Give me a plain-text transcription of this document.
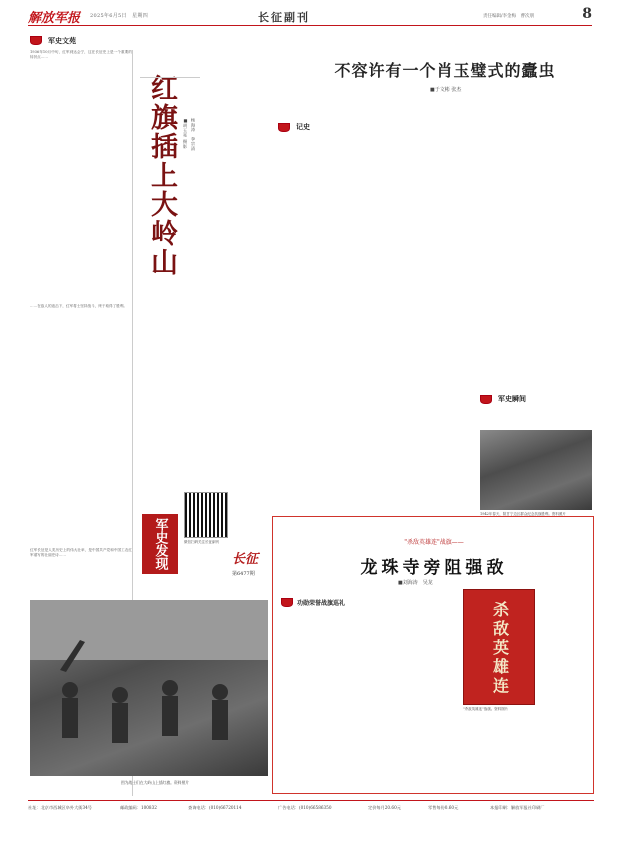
解放军报 2025年6月5日　星期四	长征副刊	责任编辑/李金梅　曹次朋	8
军史文苑

1936年10月中旬，红军到达会宁，这在长征史上是一个重要的转折点……

……在敌人的追击下，红军将士坚持战斗，终于取得了胜利。

红军长征是人类历史上的伟大壮举，是中国共产党和中国工农红军谱写的壮丽史诗……

红旗插上大岭山	■胡玉亮 摄影 杨海涛　李宗清
军史发现	微信扫码关注长征副刊
长征
第6477期
图为战士们在大岭山上插红旗。资料照片
不容许有一个肖玉璧式的蠹虫
■于文彬 张杰
记史
军史瞬间
1942年春天，陕甘宁边区群众纪念抗战胜利。资料照片
"杀敌英雄连"战旗——
龙珠寺旁阻强敌
■刘海涛　吴龙
功勋荣誉战旗巡礼	杀敌英雄连
"杀敌英雄连"战旗。资料图片
社址：北京市西城区阜外大街34号	邮政编码：100832	查询电话：(010)66720114	广告电话：(010)66586350	定价每月20.60元	零售每份0.60元	本报印刷：解放军报社印刷厂
